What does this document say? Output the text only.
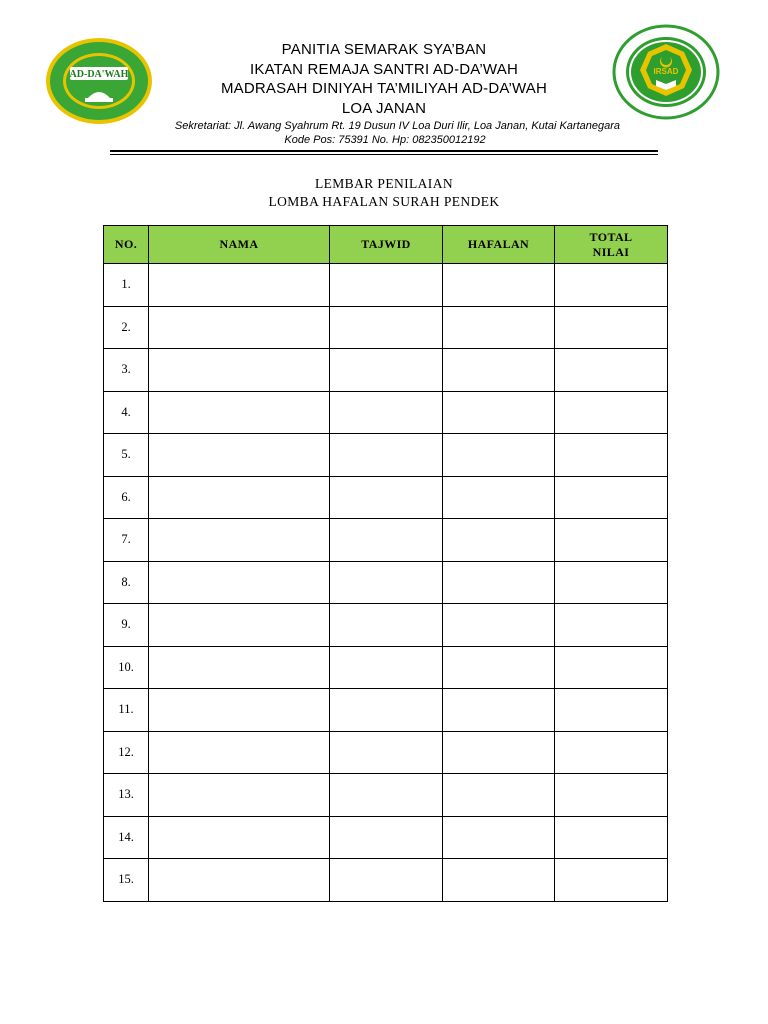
AD-DA'WAH	IRSAD
PANITIA SEMARAK SYA’BAN
IKATAN REMAJA SANTRI AD-DA’WAH
MADRASAH DINIYAH TA’MILIYAH AD-DA’WAH
LOA JANAN
Sekretariat: Jl. Awang Syahrum Rt. 19 Dusun IV Loa Duri Ilir, Loa Janan, Kutai Kartanegara
Kode Pos: 75391 No. Hp: 082350012192
LEMBAR PENILAIAN
LOMBA HAFALAN SURAH PENDEK
NO.	NAMA	TAJWID	HAFALAN	TOTAL
NILAI
1.				
2.				
3.				
4.				
5.				
6.				
7.				
8.				
9.				
10.				
11.				
12.				
13.				
14.				
15.				
